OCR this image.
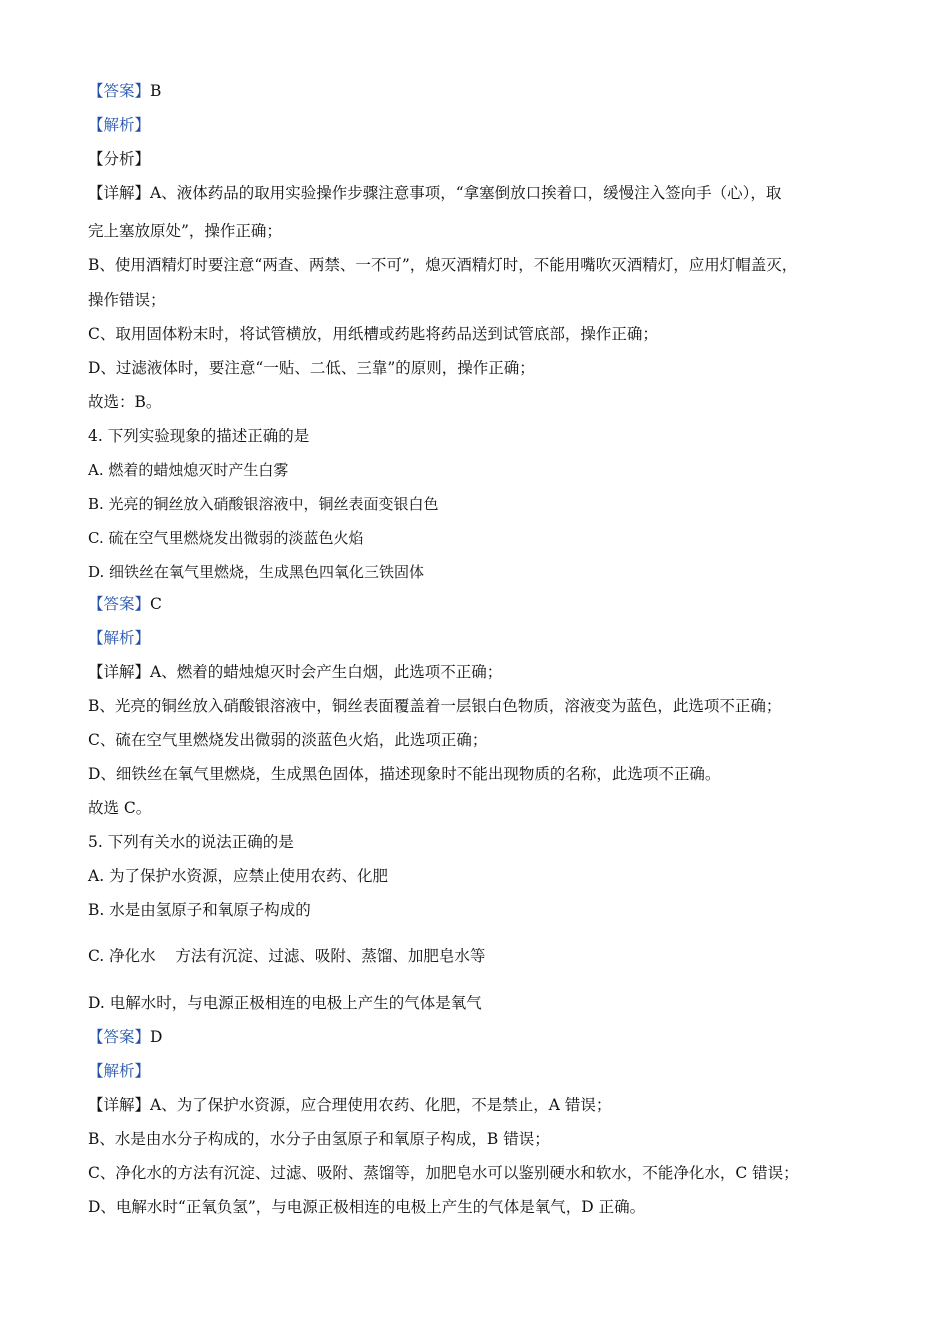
【答案】B
【解析】
【分析】
【详解】A、液体药品的取用实验操作步骤注意事项，“拿塞倒放口挨着口，缓慢注入签向手（心），取
完上塞放原处”，操作正确；
B、使用酒精灯时要注意“两查、两禁、一不可”，熄灭酒精灯时，不能用嘴吹灭酒精灯，应用灯帽盖灭，
操作错误；
C、取用固体粉末时，将试管横放，用纸槽或药匙将药品送到试管底部，操作正确；
D、过滤液体时，要注意“一贴、二低、三靠”的原则，操作正确；
故选：B。
4. 下列实验现象的描述正确的是
A. 燃着的蜡烛熄灭时产生白雾
B. 光亮的铜丝放入硝酸银溶液中，铜丝表面变银白色
C. 硫在空气里燃烧发出微弱的淡蓝色火焰
D. 细铁丝在氧气里燃烧，生成黑色四氧化三铁固体
【答案】C
【解析】
【详解】A、燃着的蜡烛熄灭时会产生白烟，此选项不正确；
B、光亮的铜丝放入硝酸银溶液中，铜丝表面覆盖着一层银白色物质，溶液变为蓝色，此选项不正确；
C、硫在空气里燃烧发出微弱的淡蓝色火焰，此选项正确；
D、细铁丝在氧气里燃烧，生成黑色固体，描述现象时不能出现物质的名称，此选项不正确。
故选 C。
5. 下列有关水的说法正确的是
A. 为了保护水资源，应禁止使用农药、化肥
B. 水是由氢原子和氧原子构成的
C. 净化水    方法有沉淀、过滤、吸附、蒸馏、加肥皂水等
D. 电解水时，与电源正极相连的电极上产生的气体是氧气
【答案】D
【解析】
【详解】A、为了保护水资源，应合理使用农药、化肥，不是禁止，A 错误；
B、水是由水分子构成的，水分子由氢原子和氧原子构成，B 错误；
C、净化水的方法有沉淀、过滤、吸附、蒸馏等，加肥皂水可以鉴别硬水和软水，不能净化水，C 错误；
D、电解水时“正氧负氢”，与电源正极相连的电极上产生的气体是氧气，D 正确。
